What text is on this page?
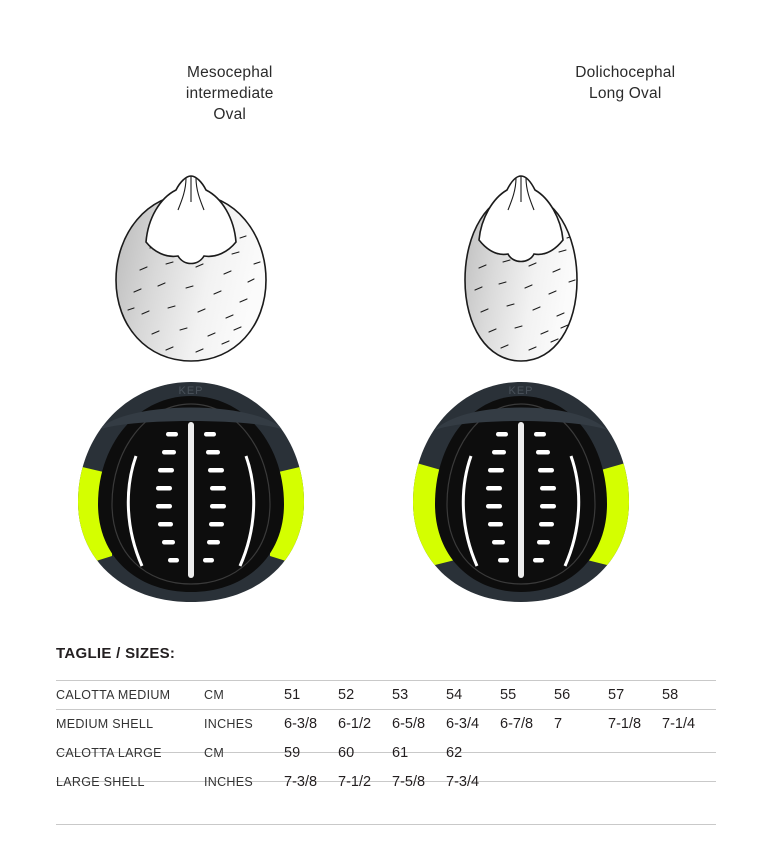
Mesocephal
intermediate
Oval
Dolichocephal
Long Oval
KEP	KEP
TAGLIE / SIZES:
CALOTTA MEDIUM	CM	51	52	53	54	55	56	57	58
MEDIUM SHELL	INCHES	6-3/8	6-1/2	6-5/8	6-3/4	6-7/8	7	7-1/8	7-1/4
CALOTTA LARGE	CM	59	60	61	62				
LARGE SHELL	INCHES	7-3/8	7-1/2	7-5/8	7-3/4				
